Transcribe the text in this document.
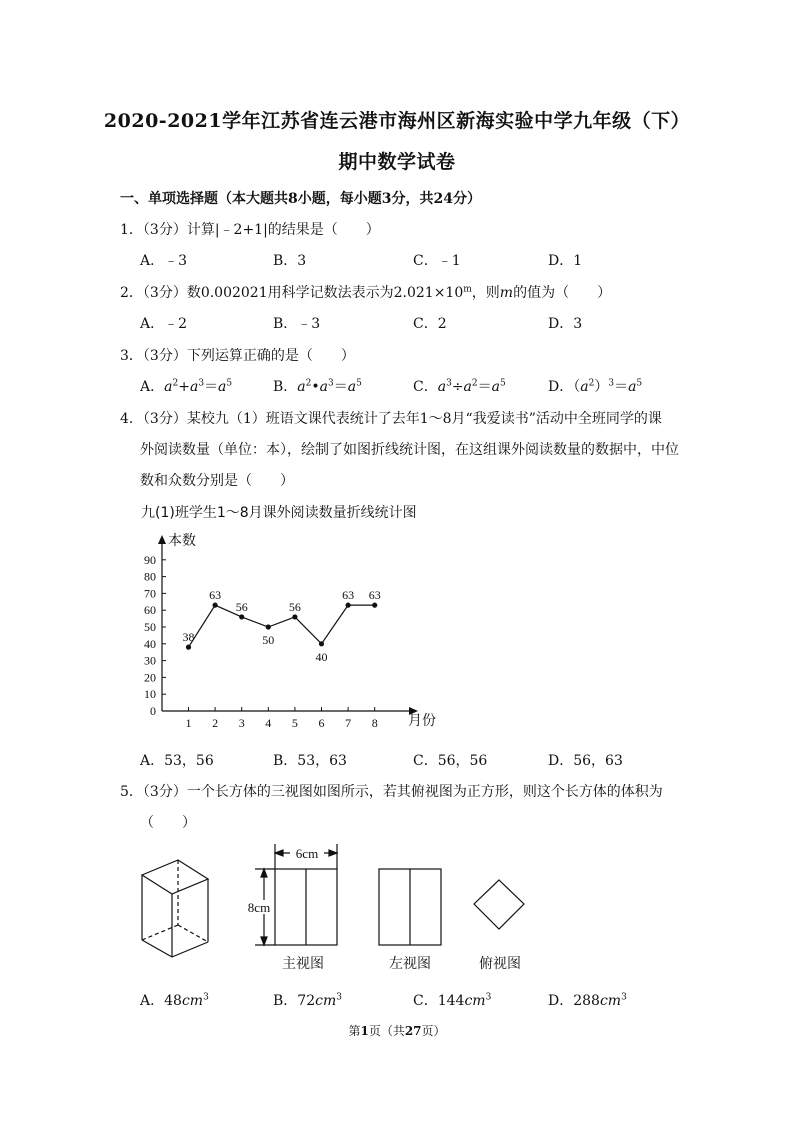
2020-2021学年江苏省连云港市海州区新海实验中学九年级（下）
期中数学试卷
一、单项选择题（本大题共8小题，每小题3分，共24分）
1．（3分）计算|﹣2+1|的结果是（　　）
A．﹣3	B．3	C．﹣1	D．1
2．（3分）数0.002021用科学记数法表示为$2.021\times 10^m$，则m的值为（　　）
A．﹣2	B．﹣3	C．2	D．3
3．（3分）下列运算正确的是（　　）
A．$a^2+a^3=a^5$	B．$a^2•a^3=a^5$	C．$a^3\div a^2=a^5$	D．$(a^2)^3=a^5$
4．（3分）某校九（1）班语文课代表统计了去年1～8月“我爱读书”活动中全班同学的课
外阅读数量（单位：本），绘制了如图折线统计图，在这组课外阅读数量的数据中，中位
数和众数分别是（　　）
九(1)班学生1～8月课外阅读数量折线统计图
本数
月份
0
10
20
30
40
50
60
70
80
90
1 2 3 4 5 6 7 8
38
63
56
50
56
40
63 63
A．53，56	B．53，63	C．56，56	D．56，63
5．（3分）一个长方体的三视图如图所示，若其俯视图为正方形，则这个长方体的体积为
（　　）
6cm
8cm
主视图	左视图	俯视图
A．$48cm^3$	B．$72cm^3$	C．$144cm^3$	D．$288cm^3$
第1页（共27页）
